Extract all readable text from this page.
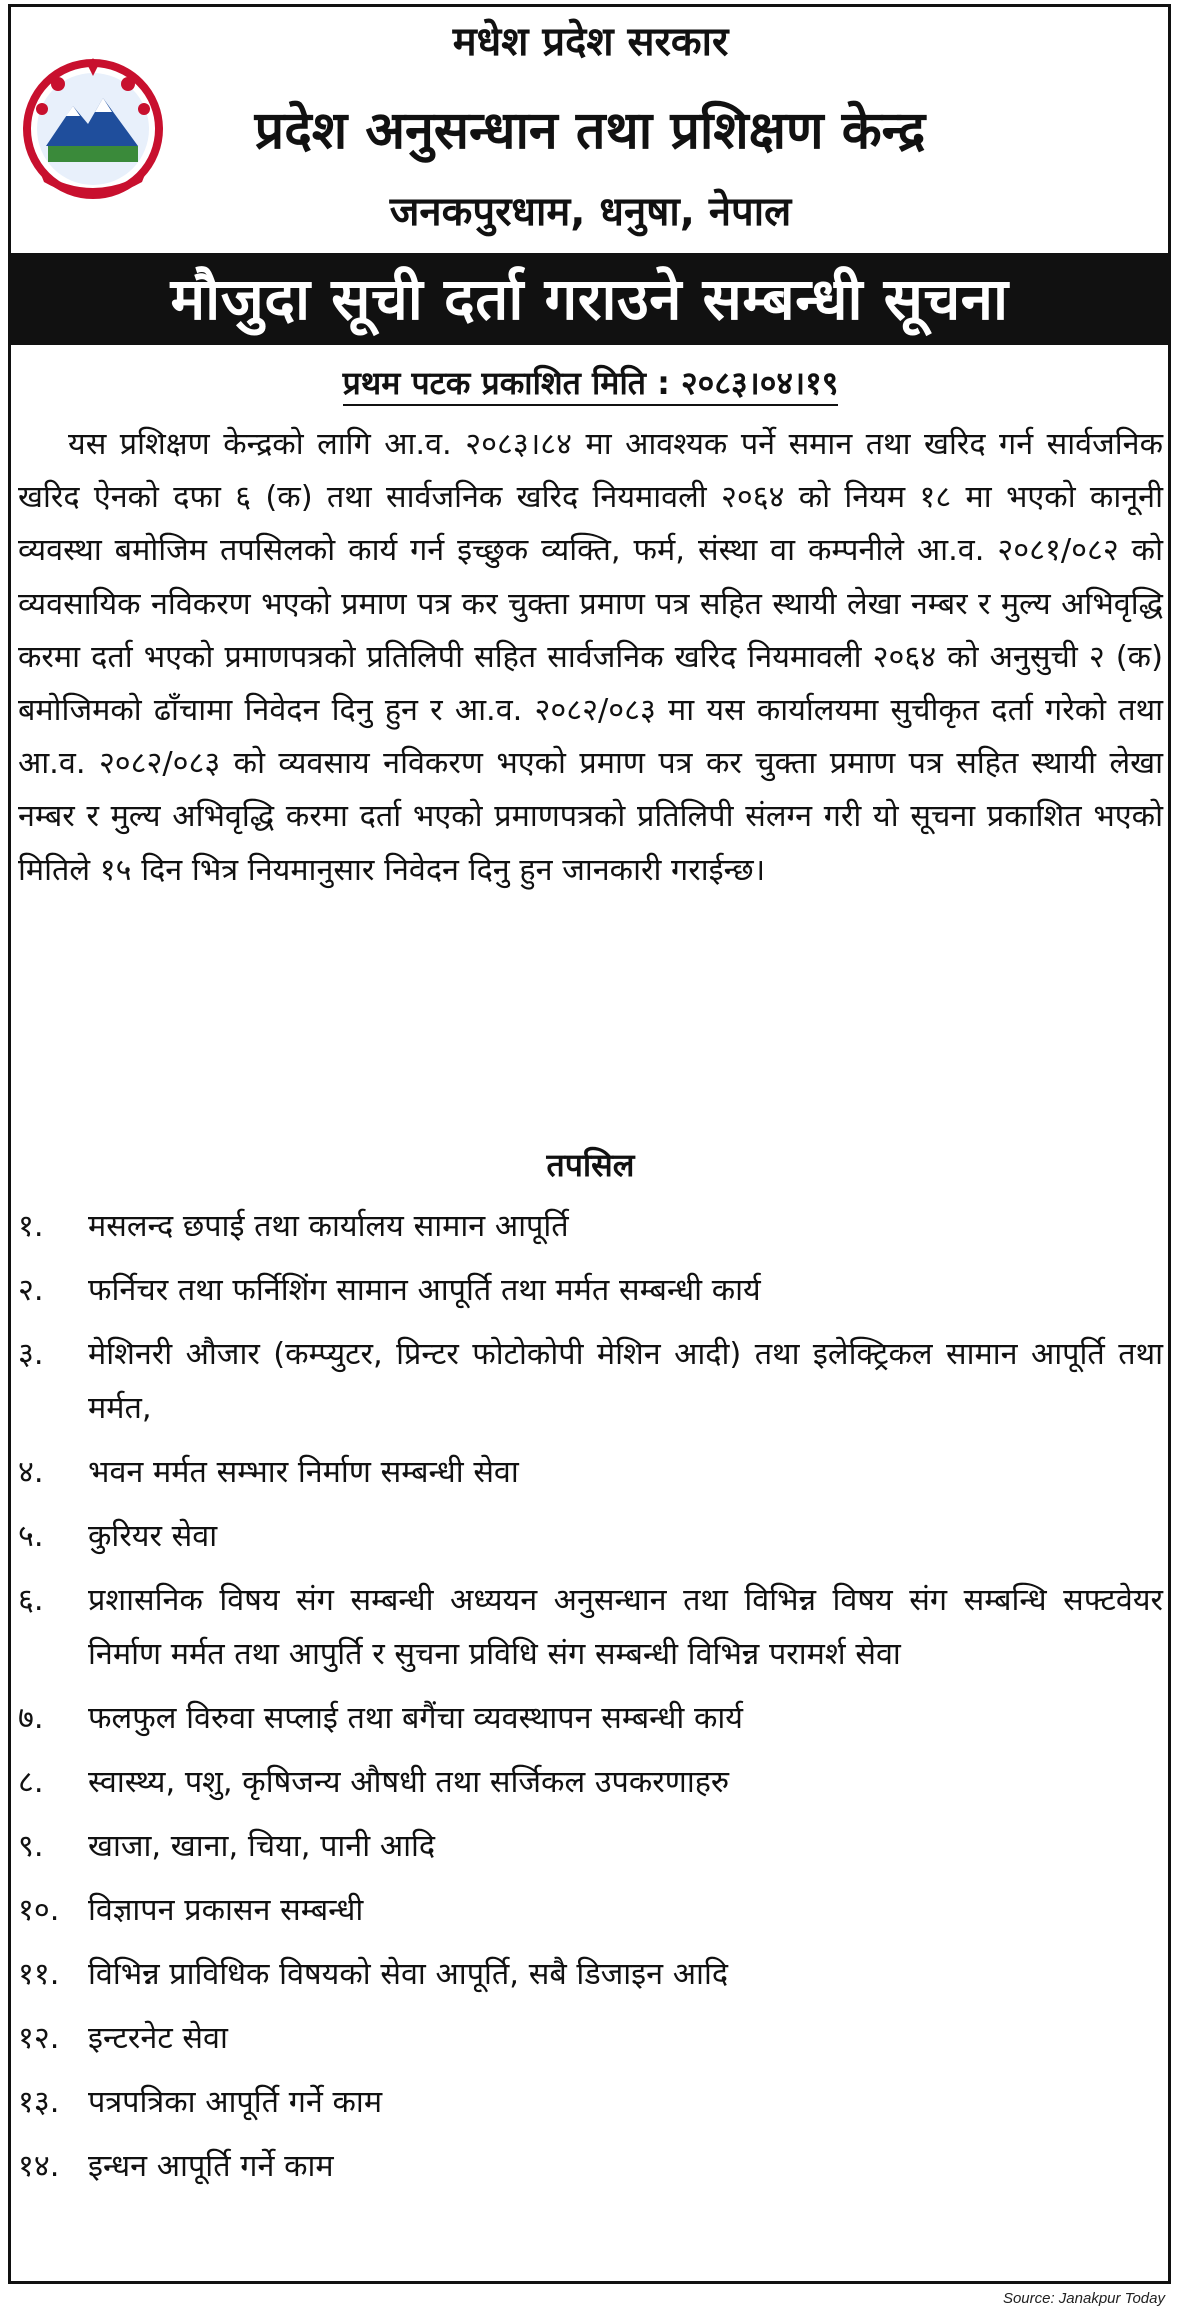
मधेश प्रदेश सरकार
प्रदेश अनुसन्धान तथा प्रशिक्षण केन्द्र
जनकपुरधाम, धनुषा, नेपाल
मौजुदा सूची दर्ता गराउने सम्बन्धी सूचना
प्रथम पटक प्रकाशित मिति : २०८३।०४।१९

यस प्रशिक्षण केन्द्रको लागि आ.व. २०८३।८४ मा आवश्यक पर्ने समान तथा खरिद गर्न सार्वजनिक खरिद ऐनको दफा ६ (क) तथा सार्वजनिक खरिद नियमावली २०६४ को नियम १८ मा भएको कानूनी व्यवस्था बमोजिम तपसिलको कार्य गर्न इच्छुक व्यक्ति, फर्म, संस्था वा कम्पनीले आ.व. २०८१/०८२ को व्यवसायिक नविकरण भएको प्रमाण पत्र कर चुक्ता प्रमाण पत्र सहित स्थायी लेखा नम्बर र मुल्य अभिवृद्धि करमा दर्ता भएको प्रमाणपत्रको प्रतिलिपी सहित सार्वजनिक खरिद नियमावली २०६४ को अनुसुची २ (क) बमोजिमको ढाँचामा निवेदन दिनु हुन र आ.व. २०८२/०८३ मा यस कार्यालयमा सुचीकृत दर्ता गरेको तथा आ.व. २०८२/०८३ को व्यवसाय नविकरण भएको प्रमाण पत्र कर चुक्ता प्रमाण पत्र सहित स्थायी लेखा नम्बर र मुल्य अभिवृद्धि करमा दर्ता भएको प्रमाणपत्रको प्रतिलिपी संलग्न गरी यो सूचना प्रकाशित भएको मितिले १५ दिन भित्र नियमानुसार निवेदन दिनु हुन जानकारी गराईन्छ।

तपसिल
१.	मसलन्द छपाई तथा कार्यालय सामान आपूर्ति
२.	फर्निचर तथा फर्निशिंग सामान आपूर्ति तथा मर्मत सम्बन्धी कार्य
३.	मेशिनरी औजार (कम्प्युटर, प्रिन्टर फोटोकोपी मेशिन आदी) तथा इलेक्ट्रिकल सामान आपूर्ति तथा मर्मत,
४.	भवन मर्मत सम्भार निर्माण सम्बन्धी सेवा
५.	कुरियर सेवा
६.	प्रशासनिक विषय संग सम्बन्धी अध्ययन अनुसन्धान तथा विभिन्न विषय संग सम्बन्धि सफ्टवेयर निर्माण मर्मत तथा आपुर्ति र सुचना प्रविधि संग सम्बन्धी विभिन्न परामर्श सेवा
७.	फलफुल विरुवा सप्लाई तथा बगैंचा व्यवस्थापन सम्बन्धी कार्य
८.	स्वास्थ्य, पशु, कृषिजन्य औषधी तथा सर्जिकल उपकरणाहरु
९.	खाजा, खाना, चिया, पानी आदि
१०. विज्ञापन प्रकासन सम्बन्धी
११. विभिन्न प्राविधिक विषयको सेवा आपूर्ति, सबै डिजाइन आदि
१२. इन्टरनेट सेवा
१३. पत्रपत्रिका आपूर्ति गर्ने काम
१४. इन्धन आपूर्ति गर्ने काम
Source: Janakpur Today
